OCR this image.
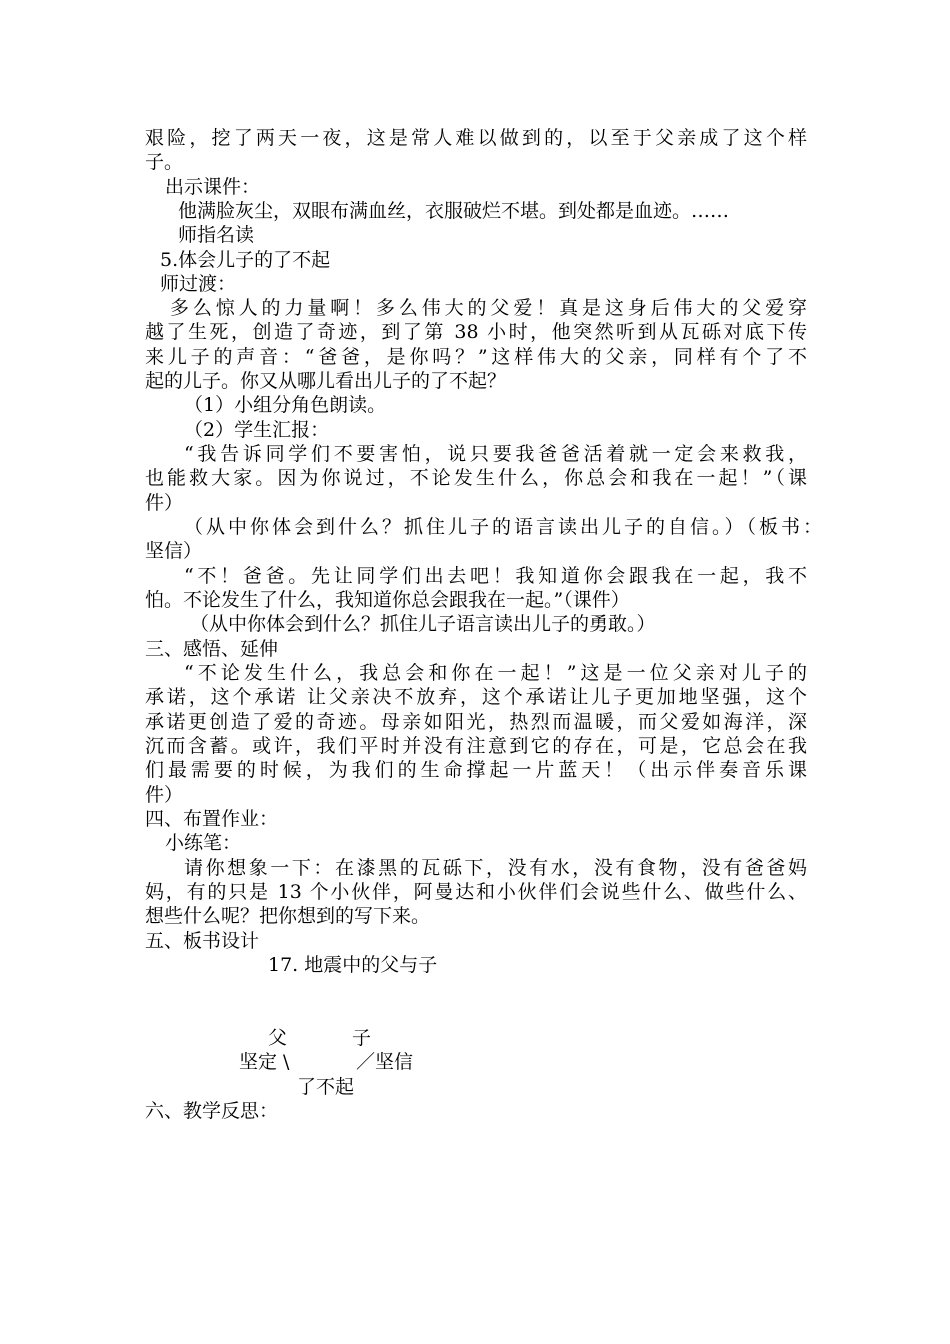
艰险，挖了两天一夜，这是常人难以做到的，以至于父亲成了这个样

子。

出示课件：

他满脸灰尘，双眼布满血丝，衣服破烂不堪。到处都是血迹。……

师指名读

5.体会儿子的了不起

师过渡：

多么惊人的力量啊！多么伟大的父爱！真是这身后伟大的父爱穿

越了生死，创造了奇迹，到了第 38 小时，他突然听到从瓦砾对底下传

来儿子的声音：“爸爸，是你吗？”这样伟大的父亲，同样有个了不

起的儿子。你又从哪儿看出儿子的了不起？

（1）小组分角色朗读。

（2）学生汇报：

“我告诉同学们不要害怕，说只要我爸爸活着就一定会来救我，

也能救大家。因为你说过，不论发生什么，你总会和我在一起！”（课

件）

（从中你体会到什么？抓住儿子的语言读出儿子的自信。）（板书：

坚信）

“不！爸爸。先让同学们出去吧！我知道你会跟我在一起，我不

怕。不论发生了什么，我知道你总会跟我在一起。”（课件）

（从中你体会到什么？抓住儿子语言读出儿子的勇敢。）

三、感悟、延伸

“不论发生什么，我总会和你在一起！”这是一位父亲对儿子的

承诺，这个承诺 让父亲决不放弃，这个承诺让儿子更加地坚强，这个

承诺更创造了爱的奇迹。母亲如阳光，热烈而温暖，而父爱如海洋，深

沉而含蓄。或许，我们平时并没有注意到它的存在，可是，它总会在我

们最需要的时候，为我们的生命撑起一片蓝天！（出示伴奏音乐课

件）

四、布置作业：

小练笔：

请你想象一下：在漆黑的瓦砾下，没有水，没有食物，没有爸爸妈

妈，有的只是 13 个小伙伴，阿曼达和小伙伴们会说些什么、做些什么、

想些什么呢？把你想到的写下来。

五、板书设计

17. 地震中的父与子

父	子

坚定 \	／坚信

了不起

六、教学反思：
